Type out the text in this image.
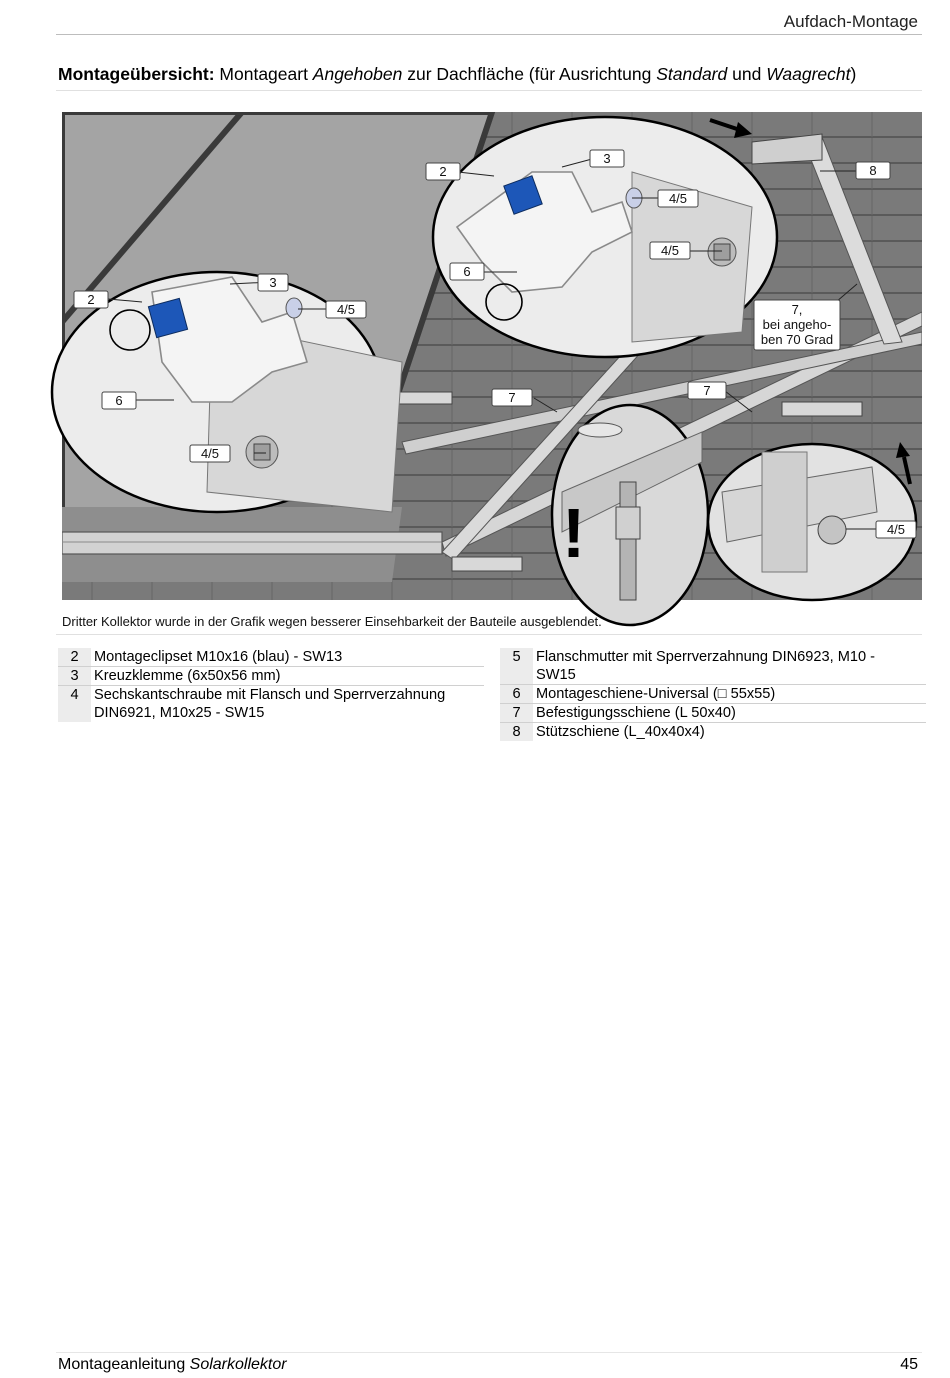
Aufdach-Montage
Montageübersicht: Montageart Angehoben zur Dachfläche (für Ausrichtung Standard und Waagrecht)
!
2
3
4/5
6
4/5
2
3
4/5
4/5
6
8
7,
bei angeho-
ben 70 Grad
7	7
4/5
Dritter Kollektor wurde in der Grafik wegen besserer Einsehbarkeit der Bauteile ausgeblendet.
2	Montageclipset M10x16 (blau) - SW13
3	Kreuzklemme (6x50x56 mm)
4	Sechskantschraube mit Flansch und Sperrverzahnung
DIN6921, M10x25 - SW15
5	Flanschmutter mit Sperrverzahnung DIN6923, M10 -
SW15
6	Montageschiene-Universal (□ 55x55)
7	Befestigungsschiene (L 50x40)
8	Stützschiene (L_40x40x4)
Montageanleitung Solarkollektor	45
